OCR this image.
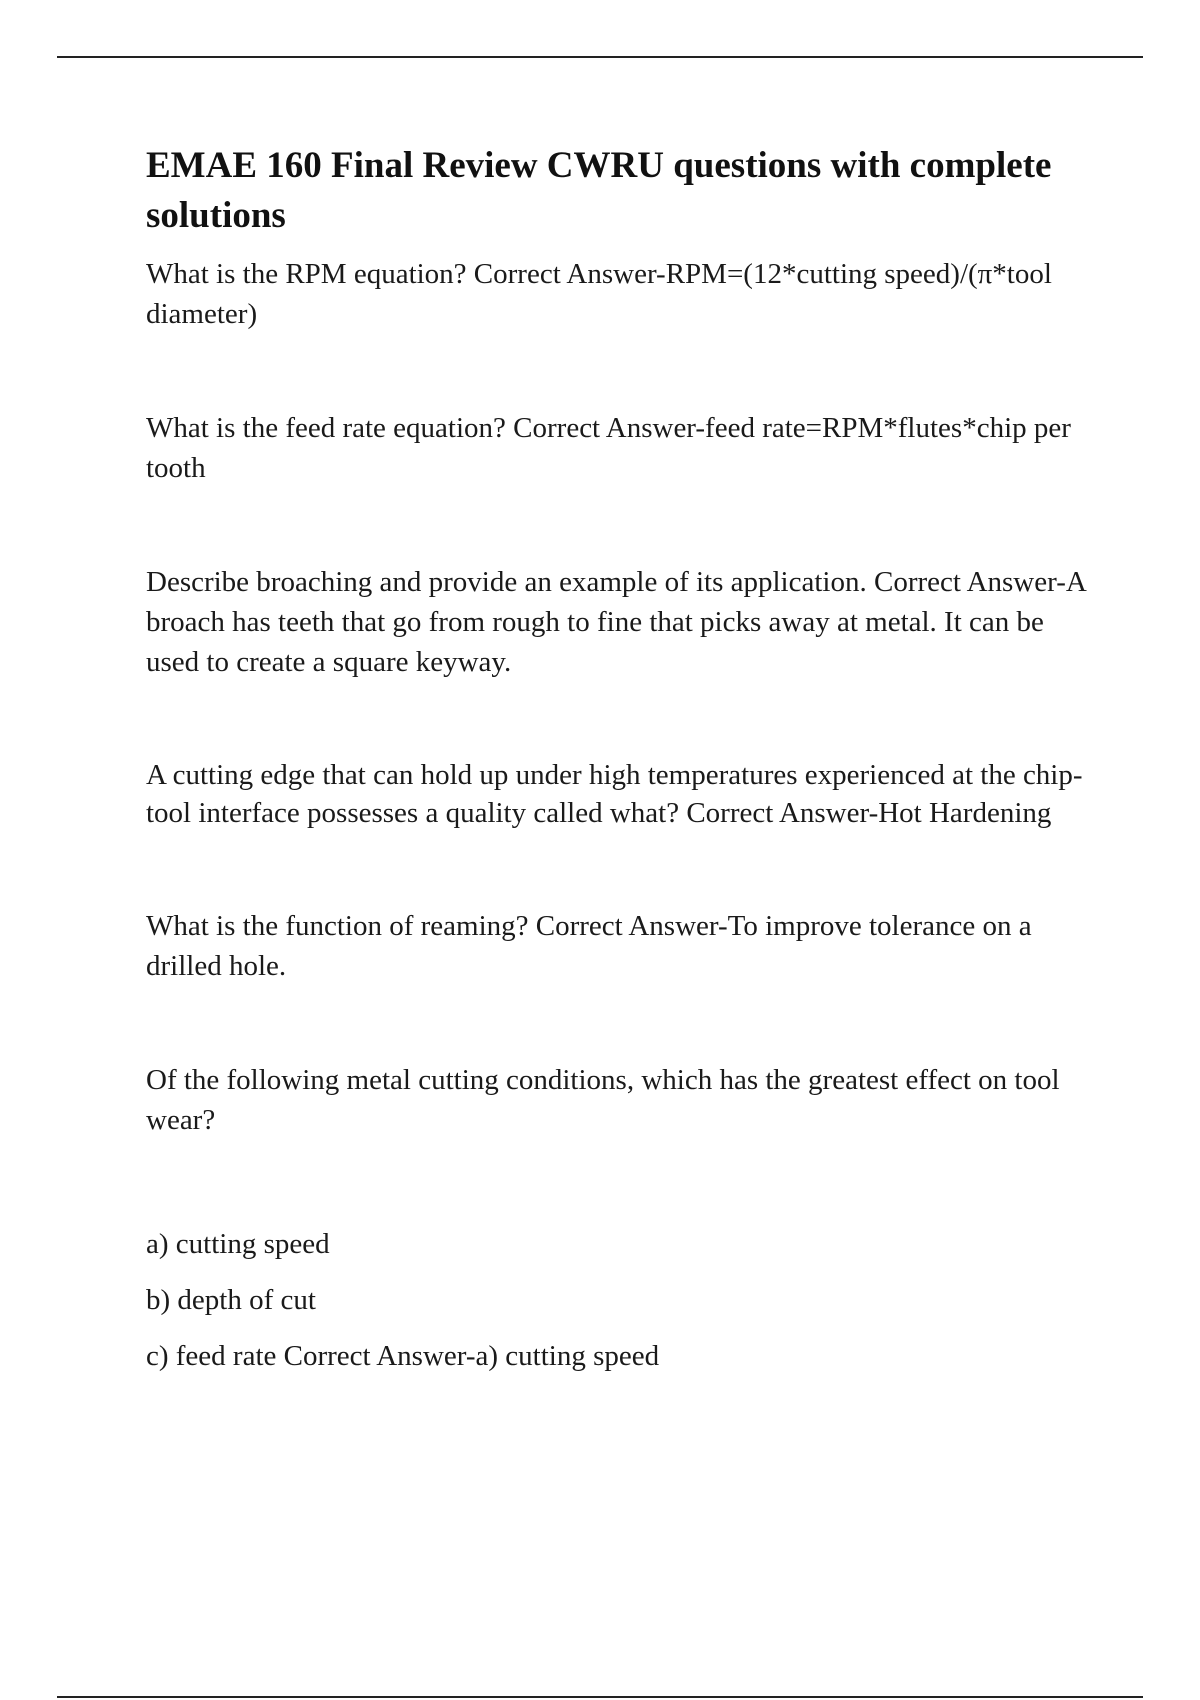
EMAE 160 Final Review CWRU questions with complete solutions

What is the RPM equation? Correct Answer-RPM=(12*cutting speed)/(π*tool diameter)

What is the feed rate equation? Correct Answer-feed rate=RPM*flutes*chip per tooth

Describe broaching and provide an example of its application. Correct Answer-A broach has teeth that go from rough to fine that picks away at metal. It can be used to create a square keyway.

A cutting edge that can hold up under high temperatures experienced at the chip-tool interface possesses a quality called what? Correct Answer-Hot Hardening

What is the function of reaming? Correct Answer-To improve tolerance on a drilled hole.

Of the following metal cutting conditions, which has the greatest effect on tool wear?

a) cutting speed
b) depth of cut
c) feed rate Correct Answer-a) cutting speed
